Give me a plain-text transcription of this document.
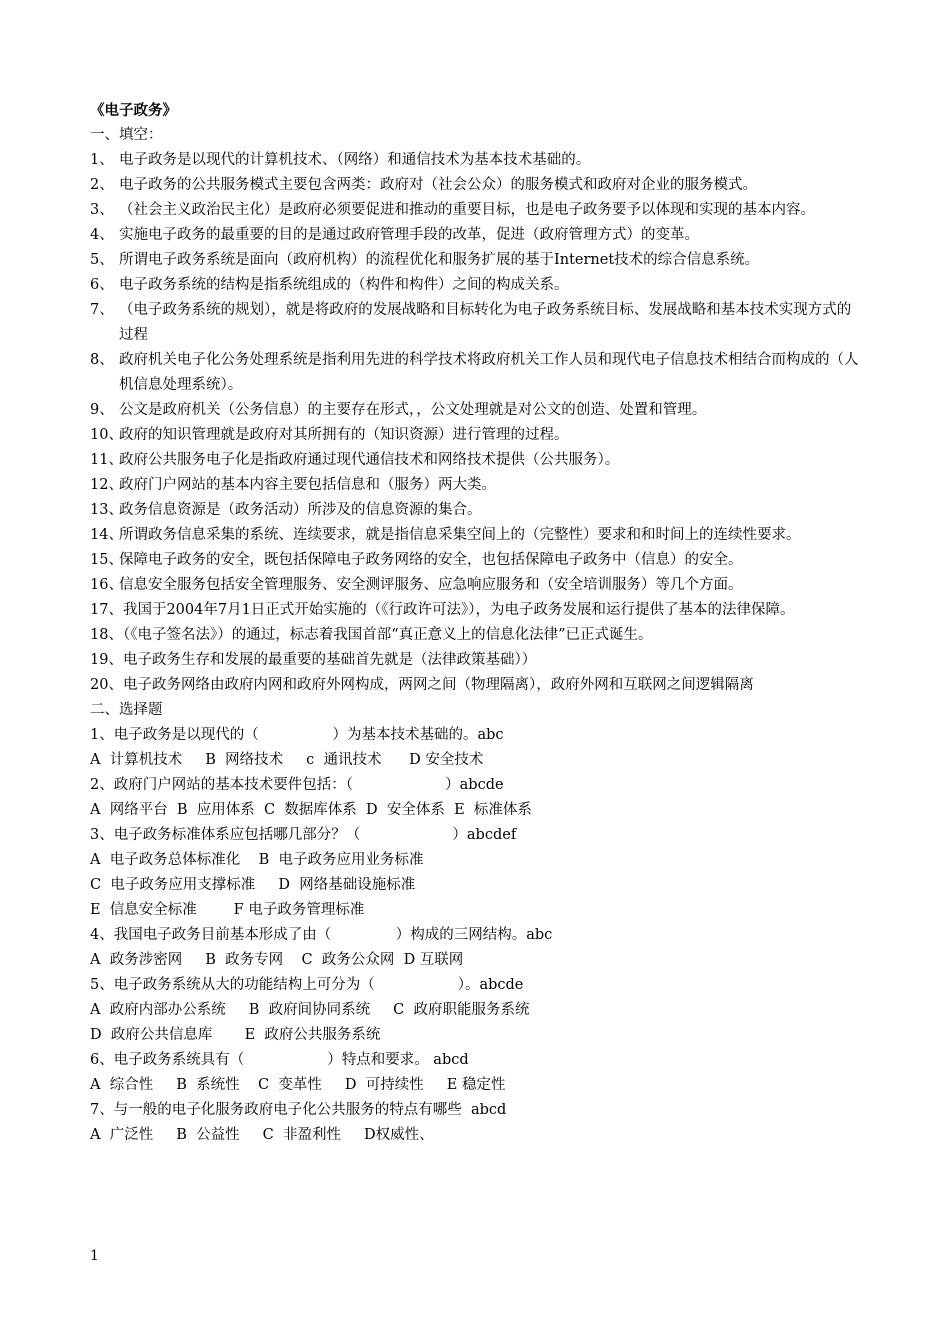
《电子政务》
一、填空：
1、 电子政务是以现代的计算机技术、（网络）和通信技术为基本技术基础的。
2、 电子政务的公共服务模式主要包含两类：政府对（社会公众）的服务模式和政府对企业的服务模式。
3、 （社会主义政治民主化）是政府必须要促进和推动的重要目标，也是电子政务要予以体现和实现的基本内容。
4、 实施电子政务的最重要的目的是通过政府管理手段的改革，促进（政府管理方式）的变革。
5、 所谓电子政务系统是面向（政府机构）的流程优化和服务扩展的基于Internet技术的综合信息系统。
6、 电子政务系统的结构是指系统组成的（构件和构件）之间的构成关系。
7、 （电子政务系统的规划），就是将政府的发展战略和目标转化为电子政务系统目标、发展战略和基本技术实现方式的过程
8、 政府机关电子化公务处理系统是指利用先进的科学技术将政府机关工作人员和现代电子信息技术相结合而构成的（人机信息处理系统）。
9、 公文是政府机关（公务信息）的主要存在形式，，公文处理就是对公文的创造、处置和管理。
10、
政府的知识管理就是政府对其所拥有的（知识资源）进行管理的过程。
11、
政府公共服务电子化是指政府通过现代通信技术和网络技术提供（公共服务）。
12、
政府门户网站的基本内容主要包括信息和（服务）两大类。
13、
政务信息资源是（政务活动）所涉及的信息资源的集合。
14、
所谓政务信息采集的系统、连续要求，就是指信息采集空间上的（完整性）要求和和时间上的连续性要求。
15、
保障电子政务的安全，既包括保障电子政务网络的安全，也包括保障电子政务中（信息）的安全。
16、
信息安全服务包括安全管理服务、安全测评服务、应急响应服务和（安全培训服务）等几个方面。
17、我国于2004年7月1日正式开始实施的（《行政许可法》），为电子政务发展和运行提供了基本的法律保障。
18、（《电子签名法》）的通过，标志着我国首部“真正意义上的信息化法律”已正式诞生。
19、电子政务生存和发展的最重要的基础首先就是（法律政策基础））
20、电子政务网络由政府内网和政府外网构成，两网之间（物理隔离），政府外网和互联网之间逻辑隔离
二、选择题
1、电子政务是以现代的（                ）为基本技术基础的。abc
A  计算机技术     B  网络技术     c  通讯技术      D 安全技术
2、政府门户网站的基本技术要件包括：（                    ）abcde
A  网络平台  B  应用体系  C  数据库体系  D  安全体系  E  标准体系
3、电子政务标准体系应包括哪几部分？（                    ）abcdef
A  电子政务总体标准化    B  电子政务应用业务标准
C  电子政务应用支撑标准     D  网络基础设施标准
E  信息安全标准        F 电子政务管理标准
4、我国电子政务目前基本形成了由（              ）构成的三网结构。abc
A  政务涉密网     B  政务专网    C  政务公众网  D 互联网
5、电子政务系统从大的功能结构上可分为（                  ）。abcde
A  政府内部办公系统     B  政府间协同系统     C  政府职能服务系统
D  政府公共信息库       E  政府公共服务系统
6、电子政务系统具有（                  ）特点和要求。 abcd
A  综合性     B  系统性    C  变革性     D  可持续性     E 稳定性
7、与一般的电子化服务政府电子化公共服务的特点有哪些  abcd
A  广泛性     B  公益性     C  非盈利性     D权威性、
1
